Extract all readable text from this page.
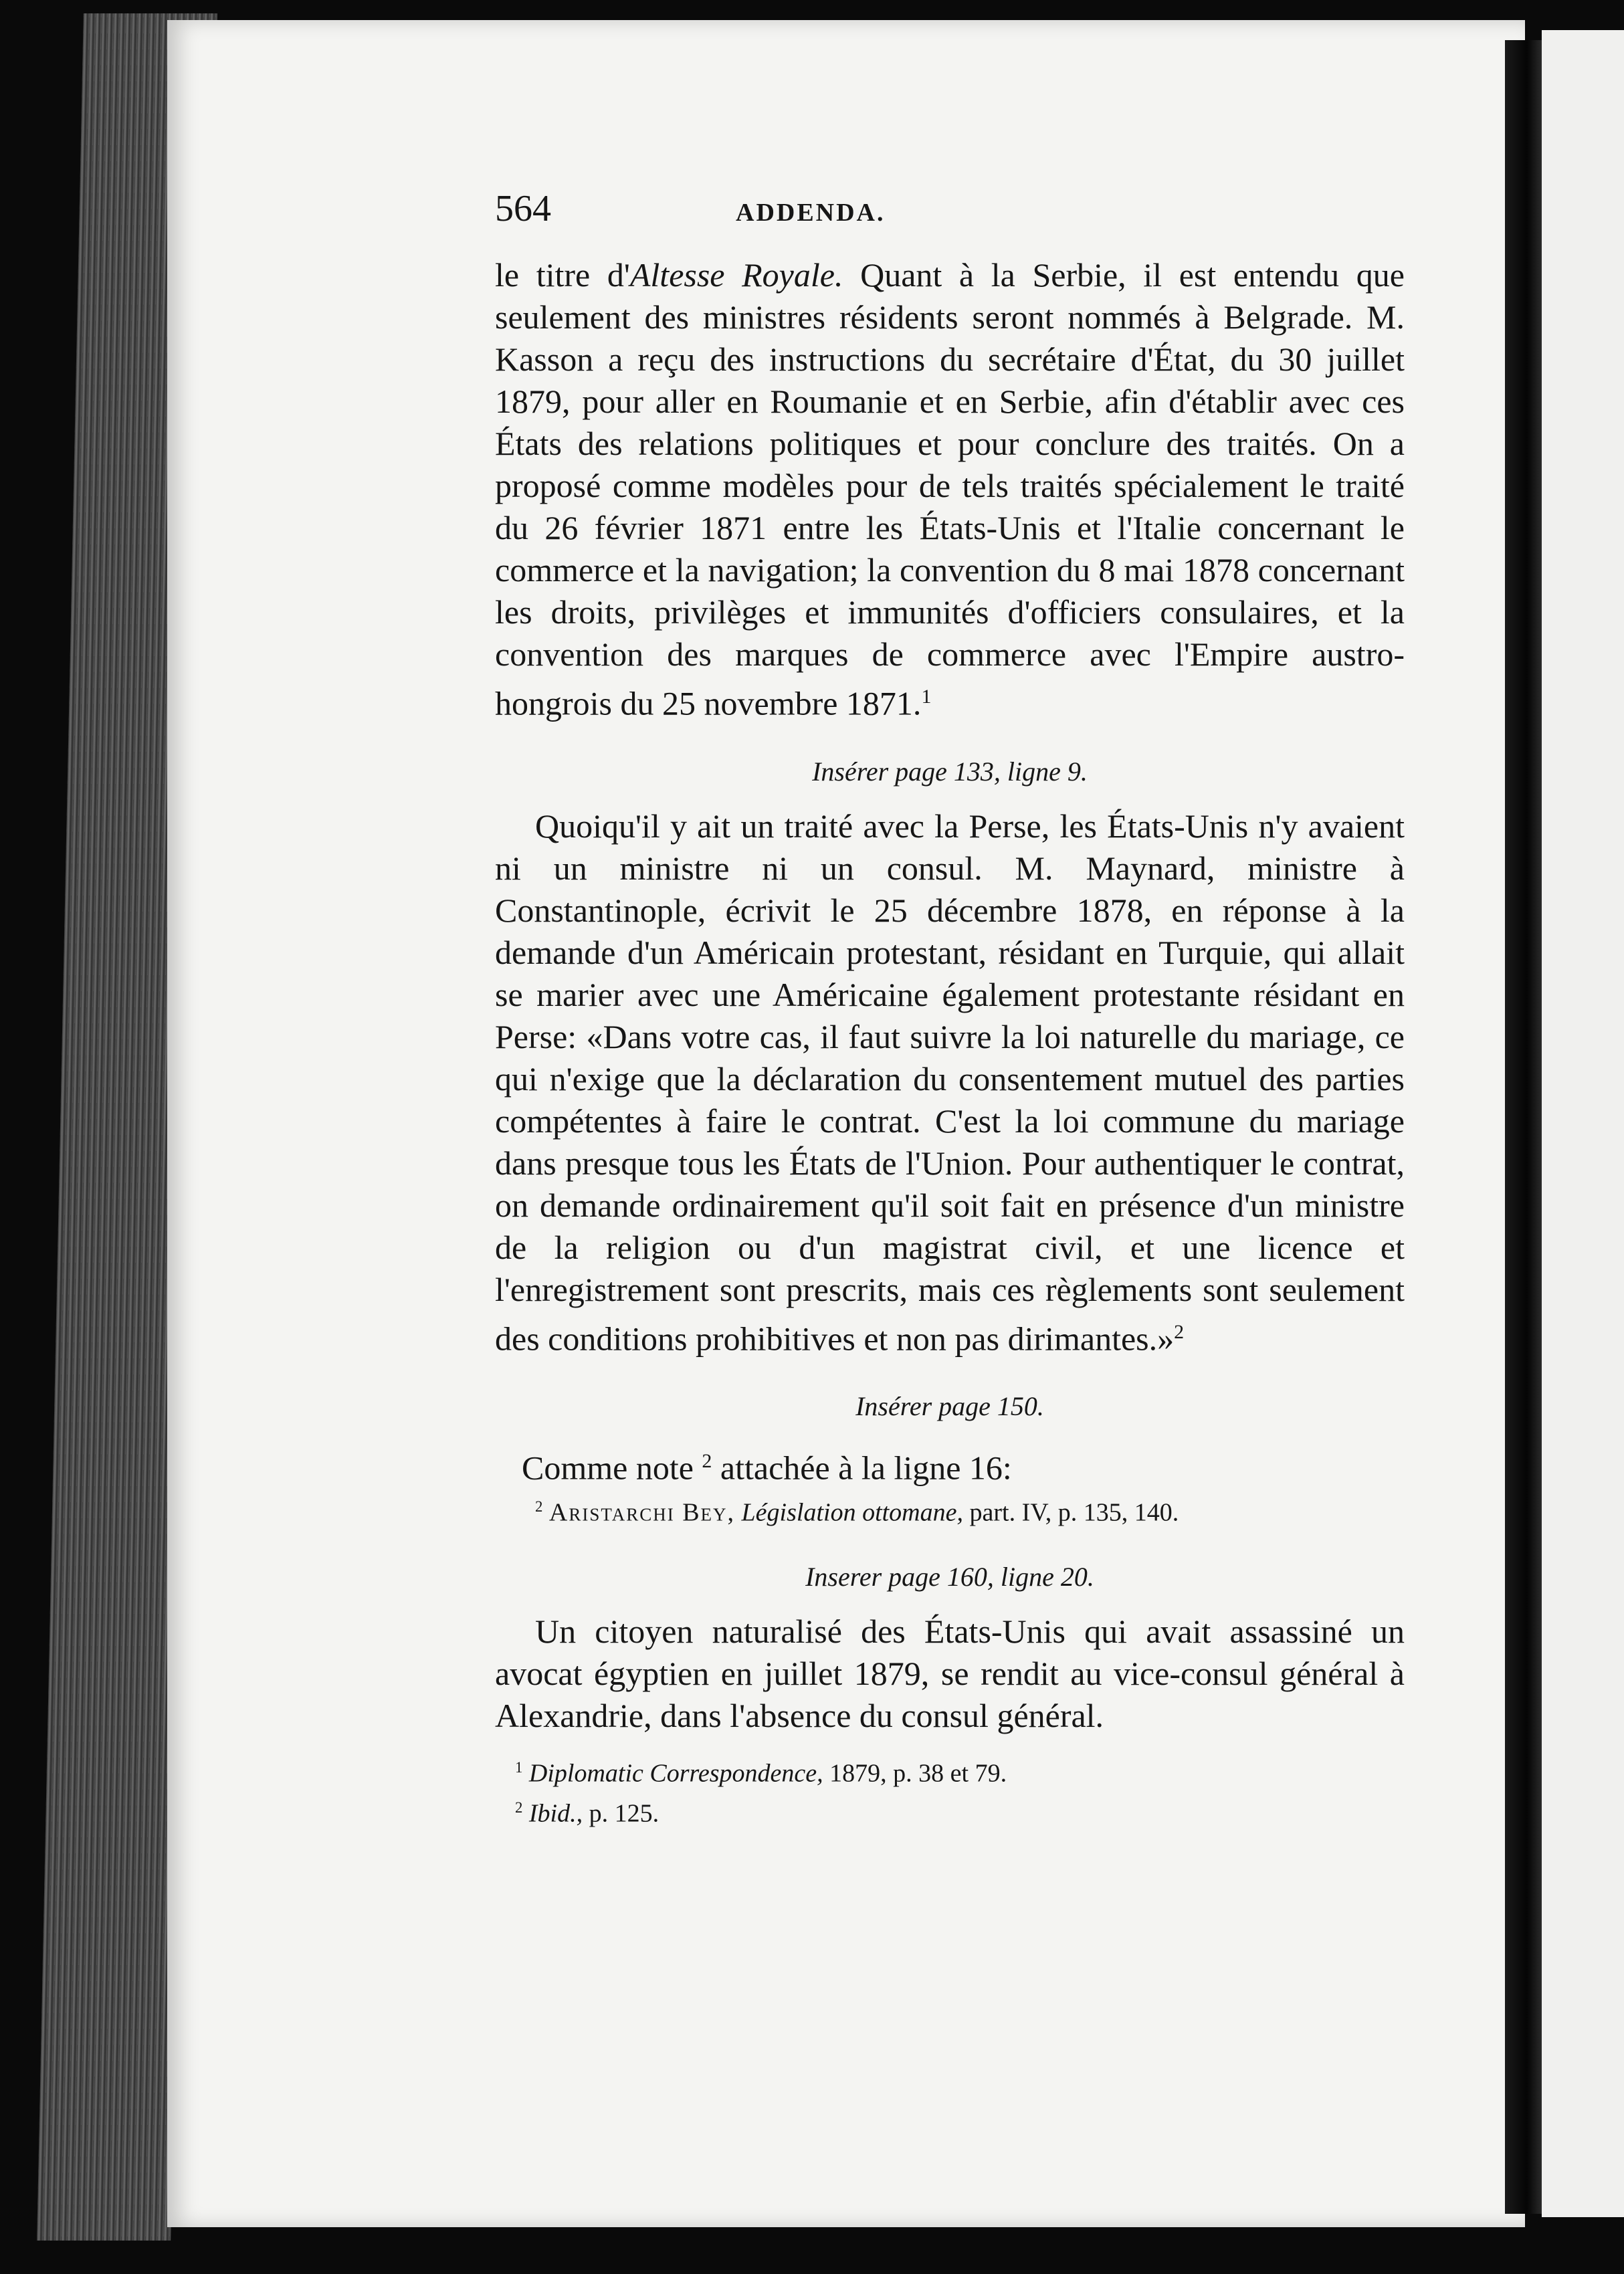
564	ADDENDA.

le titre d'Altesse Royale. Quant à la Serbie, il est entendu que seulement des ministres résidents seront nommés à Belgrade. M. Kasson a reçu des instructions du secrétaire d'État, du 30 juillet 1879, pour aller en Roumanie et en Serbie, afin d'établir avec ces États des relations politiques et pour conclure des traités. On a proposé comme modèles pour de tels traités spécialement le traité du 26 février 1871 entre les États-Unis et l'Italie concernant le commerce et la navigation; la convention du 8 mai 1878 concernant les droits, privilèges et immunités d'officiers consulaires, et la convention des marques de commerce avec l'Empire austro-hongrois du 25 novembre 1871.$^1$

Insérer page 133, ligne 9.

Quoiqu'il y ait un traité avec la Perse, les États-Unis n'y avaient ni un ministre ni un consul. M. Maynard, ministre à Constantinople, écrivit le 25 décembre 1878, en réponse à la demande d'un Américain protestant, résidant en Turquie, qui allait se marier avec une Américaine également protestante résidant en Perse: «Dans votre cas, il faut suivre la loi naturelle du mariage, ce qui n'exige que la déclaration du consentement mutuel des parties compétentes à faire le contrat. C'est la loi commune du mariage dans presque tous les États de l'Union. Pour authentiquer le contrat, on demande ordinairement qu'il soit fait en présence d'un ministre de la religion ou d'un magistrat civil, et une licence et l'enregistrement sont prescrits, mais ces règlements sont seulement des conditions prohibitives et non pas dirimantes.»$^2$

Insérer page 150.

Comme note $^2$ attachée à la ligne 16:

$^2$ Aristarchi Bey, Législation ottomane, part. IV, p. 135, 140.

Inserer page 160, ligne 20.

Un citoyen naturalisé des États-Unis qui avait assassiné un avocat égyptien en juillet 1879, se rendit au vice-consul général à Alexandrie, dans l'absence du consul général.

$^1$ Diplomatic Correspondence, 1879, p. 38 et 79.
$^2$ Ibid., p. 125.
